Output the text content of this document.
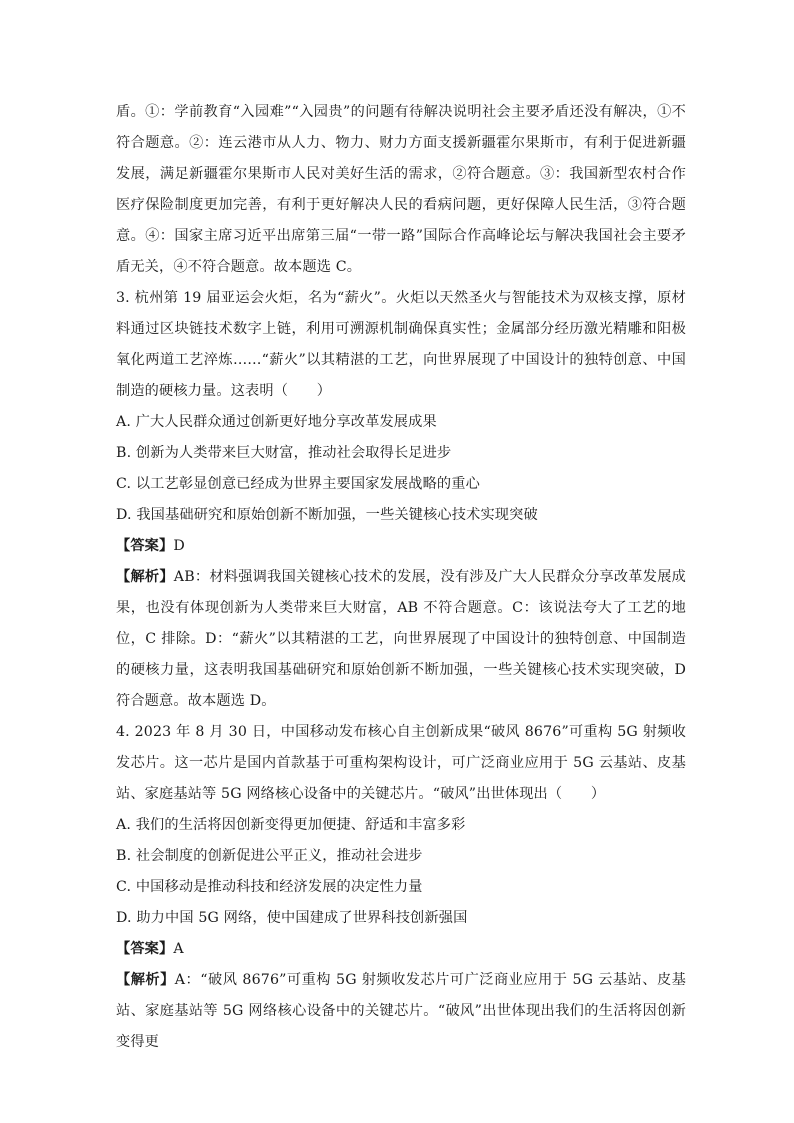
盾。①：学前教育“入园难”“入园贵”的问题有待解决说明社会主要矛盾还没有解决，①不符合题意。②：连云港市从人力、物力、财力方面支援新疆霍尔果斯市，有利于促进新疆发展，满足新疆霍尔果斯市人民对美好生活的需求，②符合题意。③：我国新型农村合作医疗保险制度更加完善，有利于更好解决人民的看病问题，更好保障人民生活，③符合题意。④：国家主席习近平出席第三届“一带一路”国际合作高峰论坛与解决我国社会主要矛盾无关，④不符合题意。故本题选 C。

3. 杭州第 19 届亚运会火炬，名为“薪火”。火炬以天然圣火与智能技术为双核支撑，原材料通过区块链技术数字上链，利用可溯源机制确保真实性；金属部分经历激光精雕和阳极氧化两道工艺淬炼……“薪火”以其精湛的工艺，向世界展现了中国设计的独特创意、中国制造的硬核力量。这表明（　　）

A. 广大人民群众通过创新更好地分享改革发展成果

B. 创新为人类带来巨大财富，推动社会取得长足进步

C. 以工艺彰显创意已经成为世界主要国家发展战略的重心

D. 我国基础研究和原始创新不断加强，一些关键核心技术实现突破

【答案】D

【解析】AB：材料强调我国关键核心技术的发展，没有涉及广大人民群众分享改革发展成果，也没有体现创新为人类带来巨大财富，AB 不符合题意。C：该说法夸大了工艺的地位，C 排除。D：“薪火”以其精湛的工艺，向世界展现了中国设计的独特创意、中国制造的硬核力量，这表明我国基础研究和原始创新不断加强，一些关键核心技术实现突破，D 符合题意。故本题选 D。

4. 2023 年 8 月 30 日，中国移动发布核心自主创新成果“破风 8676”可重构 5G 射频收发芯片。这一芯片是国内首款基于可重构架构设计，可广泛商业应用于 5G 云基站、皮基站、家庭基站等 5G 网络核心设备中的关键芯片。“破风”出世体现出（　　）

A. 我们的生活将因创新变得更加便捷、舒适和丰富多彩

B. 社会制度的创新促进公平正义，推动社会进步

C. 中国移动是推动科技和经济发展的决定性力量

D. 助力中国 5G 网络，使中国建成了世界科技创新强国

【答案】A

【解析】A：“破风 8676”可重构 5G 射频收发芯片可广泛商业应用于 5G 云基站、皮基站、家庭基站等 5G 网络核心设备中的关键芯片。“破风”出世体现出我们的生活将因创新变得更
